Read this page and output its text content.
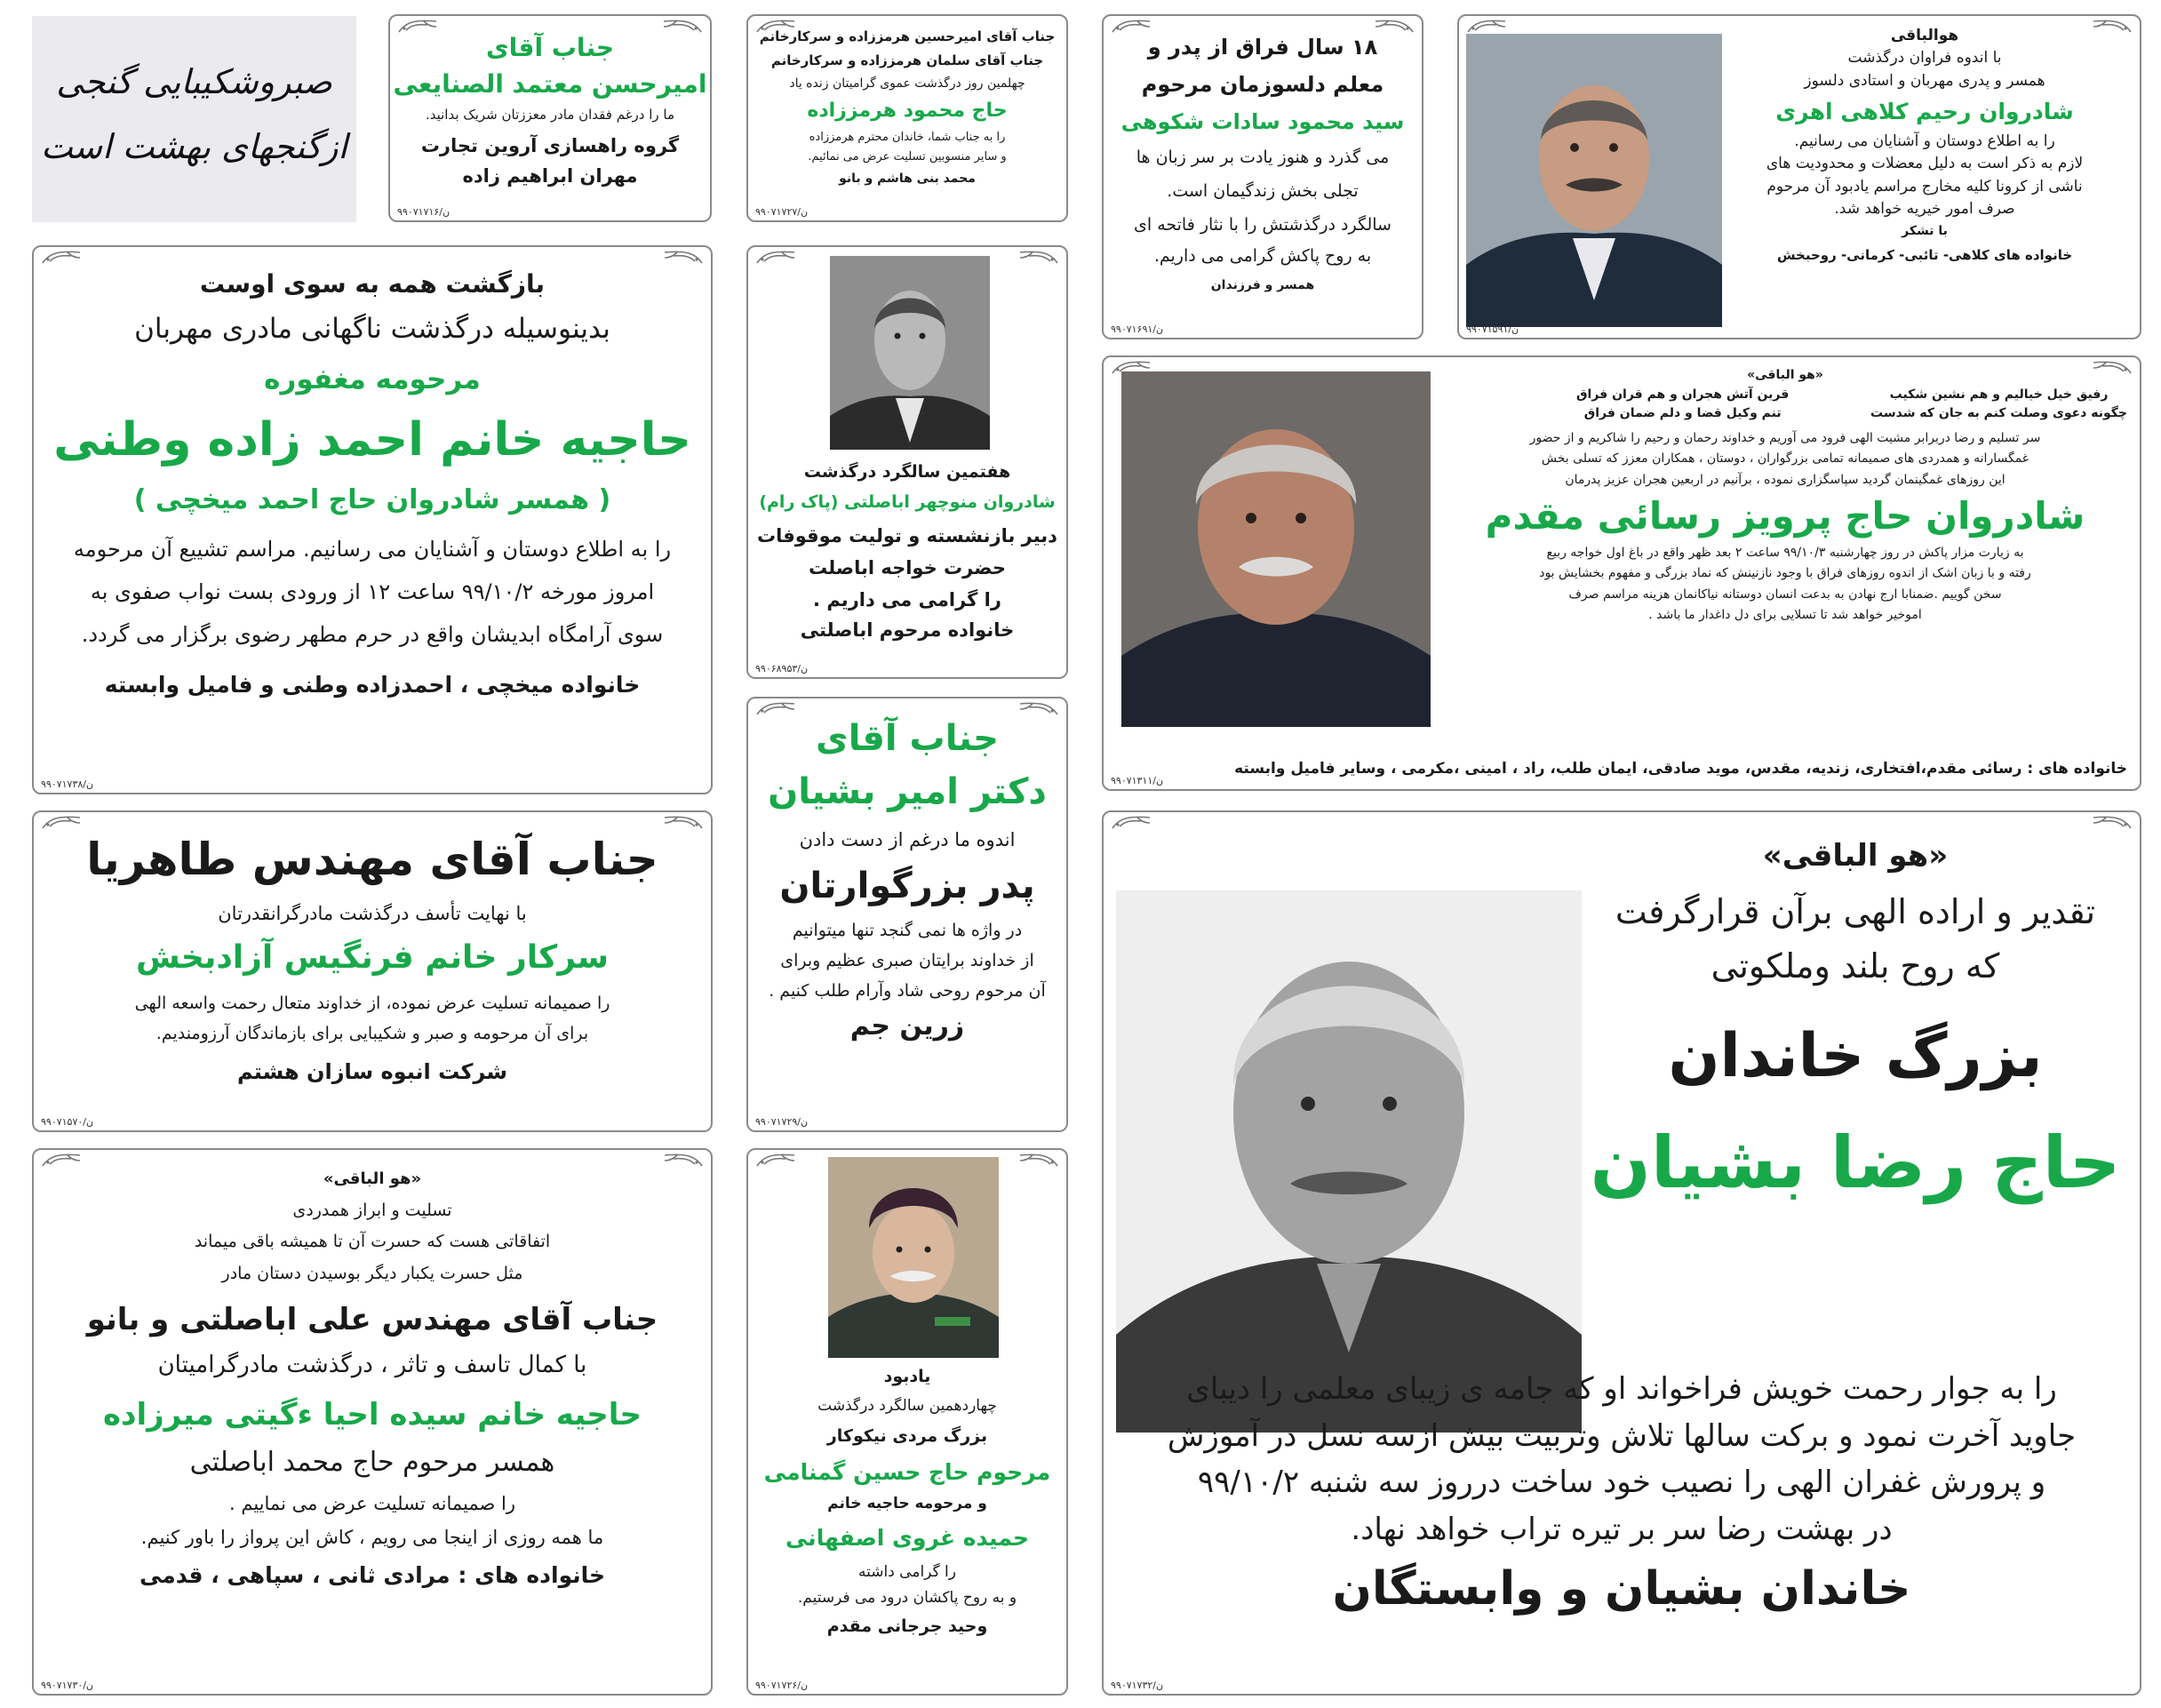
صبروشکیبایی گنجی
ازگنجهای بهشت است
جناب آقای
امیرحسن معتمد الصنایعی
ما را درغم فقدان مادر معززتان شریک بدانید.
گروه راهسازی آروین تجارت
مهران ابراهیم زاده
۹۹۰۷۱۷۱۶/ن
جناب آقای امیرحسین هرمززاده و سرکارخانم
جناب آقای سلمان هرمززاده و سرکارخانم
چهلمین روز درگذشت عموی گرامیتان زنده یاد
حاج محمود هرمززاده
را به جناب شما، خاندان محترم هرمززاده
و سایر منسوبین تسلیت عرض می نمائیم.
محمد بنی هاشم و بانو
۹۹۰۷۱۷۲۷/ن
۱۸ سال فراق از پدر و
معلم دلسوزمان مرحوم
سید محمود سادات شکوهی
می گذرد و هنوز یادت بر سر زبان ها
تجلی بخش زندگیمان است.
سالگرد درگذشتش را با نثار فاتحه ای
به روح پاکش گرامی می داریم.
همسر و فرزندان
۹۹۰۷۱۶۹۱/ن
هوالباقی
با اندوه فراوان درگذشت
همسر و پدری مهربان و استادی دلسوز
شادروان رحیم کلاهی اهری
را به اطلاع دوستان و آشنایان می رسانیم.
لازم به ذکر است به دلیل معضلات و محدودیت های
ناشی از کرونا کلیه مخارج مراسم یادبود آن مرحوم
صرف امور خیریه خواهد شد.
با تشکر
خانواده های کلاهی- تائبی- کرمانی- روحبخش
۹۹۰۷۱۵۹۱/ن
بازگشت همه به سوی اوست
بدینوسیله درگذشت ناگهانی مادری مهربان
مرحومه مغفوره
حاجیه خانم احمد زاده وطنی
( همسر شادروان حاج احمد میخچی )
را به اطلاع دوستان و آشنایان می رسانیم. مراسم تشییع آن مرحومه
امروز مورخه ۹۹/۱۰/۲ ساعت ۱۲ از ورودی بست نواب صفوی به
سوی آرامگاه ابدیشان واقع در حرم مطهر رضوی برگزار می گردد.
خانواده میخچی ، احمدزاده وطنی و فامیل وابسته
۹۹۰۷۱۷۳۸/ن
هفتمین سالگرد درگذشت
شادروان منوچهر اباصلتی (پاک رام)
دبیر بازنشسته و تولیت موقوفات
حضرت خواجه اباصلت
را گرامی می داریم .
خانواده مرحوم اباصلتی
۹۹۰۶۸۹۵۳/ن
«هو الباقی»
رفیق خیل خیالیم و هم نشین شکیب
چگونه دعوی وصلت کنم به جان که شدست
قرین آتش هجران و هم قران فراق
تنم وکیل قضا و دلم ضمان فراق
سر تسلیم و رضا دربرابر مشیت الهی فرود می آوریم و خداوند رحمان و رحیم را شاکریم و از حضور
غمگسارانه و همدردی های صمیمانه تمامی بزرگواران ، دوستان ، همکاران معزز که تسلی بخش
این روزهای غمگینمان گردید سپاسگزاری نموده ، برآنیم در اربعین هجران عزیز پدرمان
شادروان حاج پرویز رسائی مقدم
به زیارت مزار پاکش در روز چهارشنبه ۹۹/۱۰/۳ ساعت ۲ بعد ظهر واقع در باغ اول خواجه ربیع
رفته و با زبان اشک از اندوه روزهای فراق با وجود نازنینش که نماد بزرگی و مفهوم بخشایش بود
سخن گوییم .ضمنابا ارج نهادن به بدعت انسان دوستانه نیاکانمان هزینه مراسم صرف
اموخیر خواهد شد تا تسلایی برای دل داغدار ما باشد .
خانواده های : رسائی مقدم،افتخاری، زندیه، مقدس، موید صادقی، ایمان طلب، راد ، امینی ،مکرمی ، وسایر فامیل وابسته
۹۹۰۷۱۳۱۱/ن
جناب آقای مهندس طاهریا
با نهایت تأسف درگذشت مادرگرانقدرتان
سرکار خانم فرنگیس آزادبخش
را صمیمانه تسلیت عرض نموده، از خداوند متعال رحمت واسعه الهی
برای آن مرحومه و صبر و شکیبایی برای بازماندگان آرزومندیم.
شرکت انبوه سازان هشتم
۹۹۰۷۱۵۷۰/ن
جناب آقای
دکتر امیر بشیان
اندوه ما درغم از دست دادن
پدر بزرگوارتان
در واژه ها نمی گنجد تنها میتوانیم
از خداوند برایتان صبری عظیم وبرای
آن مرحوم روحی شاد وآرام طلب کنیم .
زرین جم
۹۹۰۷۱۷۲۹/ن
«هو الباقی»
تقدیر و اراده الهی برآن قرارگرفت
که روح بلند وملکوتی
بزرگ خاندان
حاج رضا بشیان
را به جوار رحمت خویش فراخواند او که جامه ی زیبای معلمی را دیبای
جاوید آخرت نمود و برکت سالها تلاش وتربیت بیش ازسه نسل در آموزش
و پرورش غفران الهی را نصیب خود ساخت درروز سه شنبه ۹۹/۱۰/۲
در بهشت رضا سر بر تیره تراب خواهد نهاد.
خاندان بشیان و وابستگان
۹۹۰۷۱۷۳۲/ن
«هو الباقی»
تسلیت و ابراز همدردی
اتفاقاتی هست که حسرت آن تا همیشه باقی میماند
مثل حسرت یکبار دیگر بوسیدن دستان مادر
جناب آقای مهندس علی اباصلتی و بانو
با کمال تاسف و تاثر ، درگذشت مادرگرامیتان
حاجیه خانم سیده احیا ءگیتی میرزاده
همسر مرحوم حاج محمد اباصلتی
را صمیمانه تسلیت عرض می نماییم .
ما همه روزی از اینجا می رویم ، کاش این پرواز را باور کنیم.
خانواده های : مرادی ثانی ، سپاهی ، قدمی
۹۹۰۷۱۷۳۰/ن
یادبود
چهاردهمین سالگرد درگذشت
بزرگ مردی نیکوکار
مرحوم حاج حسین گمنامی
و مرحومه حاجیه خانم
حمیده غروی اصفهانی
را گرامی داشته
و به روح پاکشان درود می فرستیم.
وحید جرجانی مقدم
۹۹۰۷۱۷۲۶/ن
